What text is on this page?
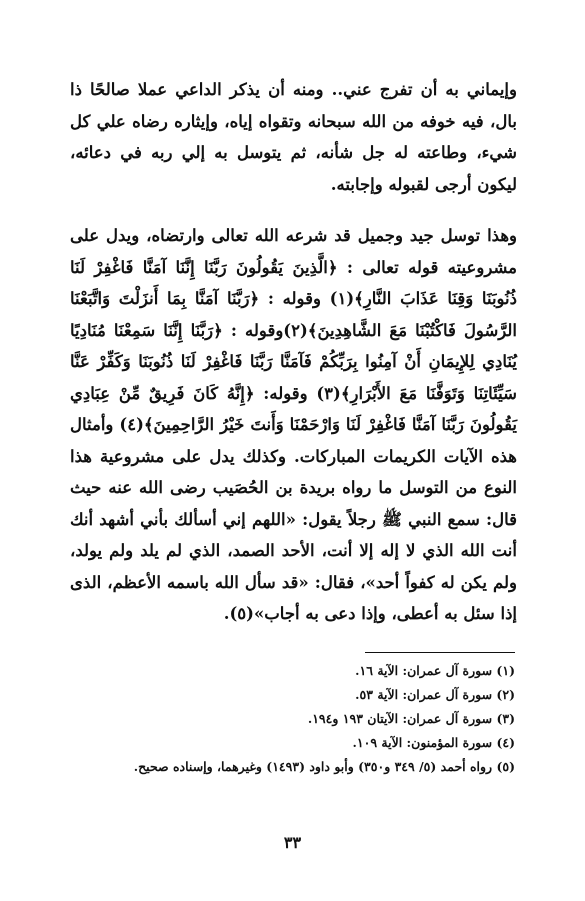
وإيماني به أن تفرج عني.. ومنه أن يذكر الداعي عملا صالحًا ذا بال، فيه خوفه من الله سبحانه وتقواه إياه، وإيثاره رضاه علي كل شيء، وطاعته له جل شأنه، ثم يتوسل به إلي ربه في دعائه، ليكون أرجى لقبوله وإجابته.

وهذا توسل جيد وجميل قد شرعه الله تعالى وارتضاه، ويدل على مشروعيته قوله تعالى : ﴿الَّذِينَ يَقُولُونَ رَبَّنَا إِنَّنَا آمَنَّا فَاغْفِرْ لَنَا ذُنُوبَنَا وَقِنَا عَذَابَ النَّارِ﴾(١) وقوله : ﴿رَبَّنَا آمَنَّا بِمَا أَنزَلْتَ وَاتَّبَعْنَا الرَّسُولَ فَاكْتُبْنَا مَعَ الشَّاهِدِينَ﴾(٢)وقوله : ﴿رَبَّنَا إِنَّنَا سَمِعْنَا مُنَادِيًا يُنَادِي لِلإِيمَانِ أَنْ آمِنُوا بِرَبِّكُمْ فَآمَنَّا رَبَّنَا فَاغْفِرْ لَنَا ذُنُوبَنَا وَكَفِّرْ عَنَّا سَيِّئَاتِنَا وَتَوَفَّنَا مَعَ الأَبْرَارِ﴾(٣) وقوله: ﴿إِنَّهُ كَانَ فَرِيقٌ مِّنْ عِبَادِي يَقُولُونَ رَبَّنَا آمَنَّا فَاغْفِرْ لَنَا وَارْحَمْنَا وَأَنتَ خَيْرُ الرَّاحِمِينَ﴾(٤) وأمثال هذه الآيات الكريمات المباركات. وكذلك يدل على مشروعية هذا النوع من التوسل ما رواه بريدة بن الحُصَيب رضى الله عنه حيث قال: سمع النبي ﷺ رجلاً يقول: «اللهم إني أسألك بأني أشهد أنك أنت الله الذي لا إله إلا أنت، الأحد الصمد، الذي لم يلد ولم يولد، ولم يكن له كفواً أحد»، فقال: «قد سأل الله باسمه الأعظم، الذى إذا سئل به أعطى، وإذا دعى به أجاب»(٥).

(١) سورة آل عمران: الآية ١٦.
(٢) سورة آل عمران: الآية ٥٣.
(٣) سورة آل عمران: الآيتان ١٩٣ و١٩٤.
(٤) سورة المؤمنون: الآية ١٠٩.
(٥) رواه أحمد (٥/ ٣٤٩ و٣٥٠) وأبو داود (١٤٩٣) وغيرهما، وإسناده صحيح.
٣٣
